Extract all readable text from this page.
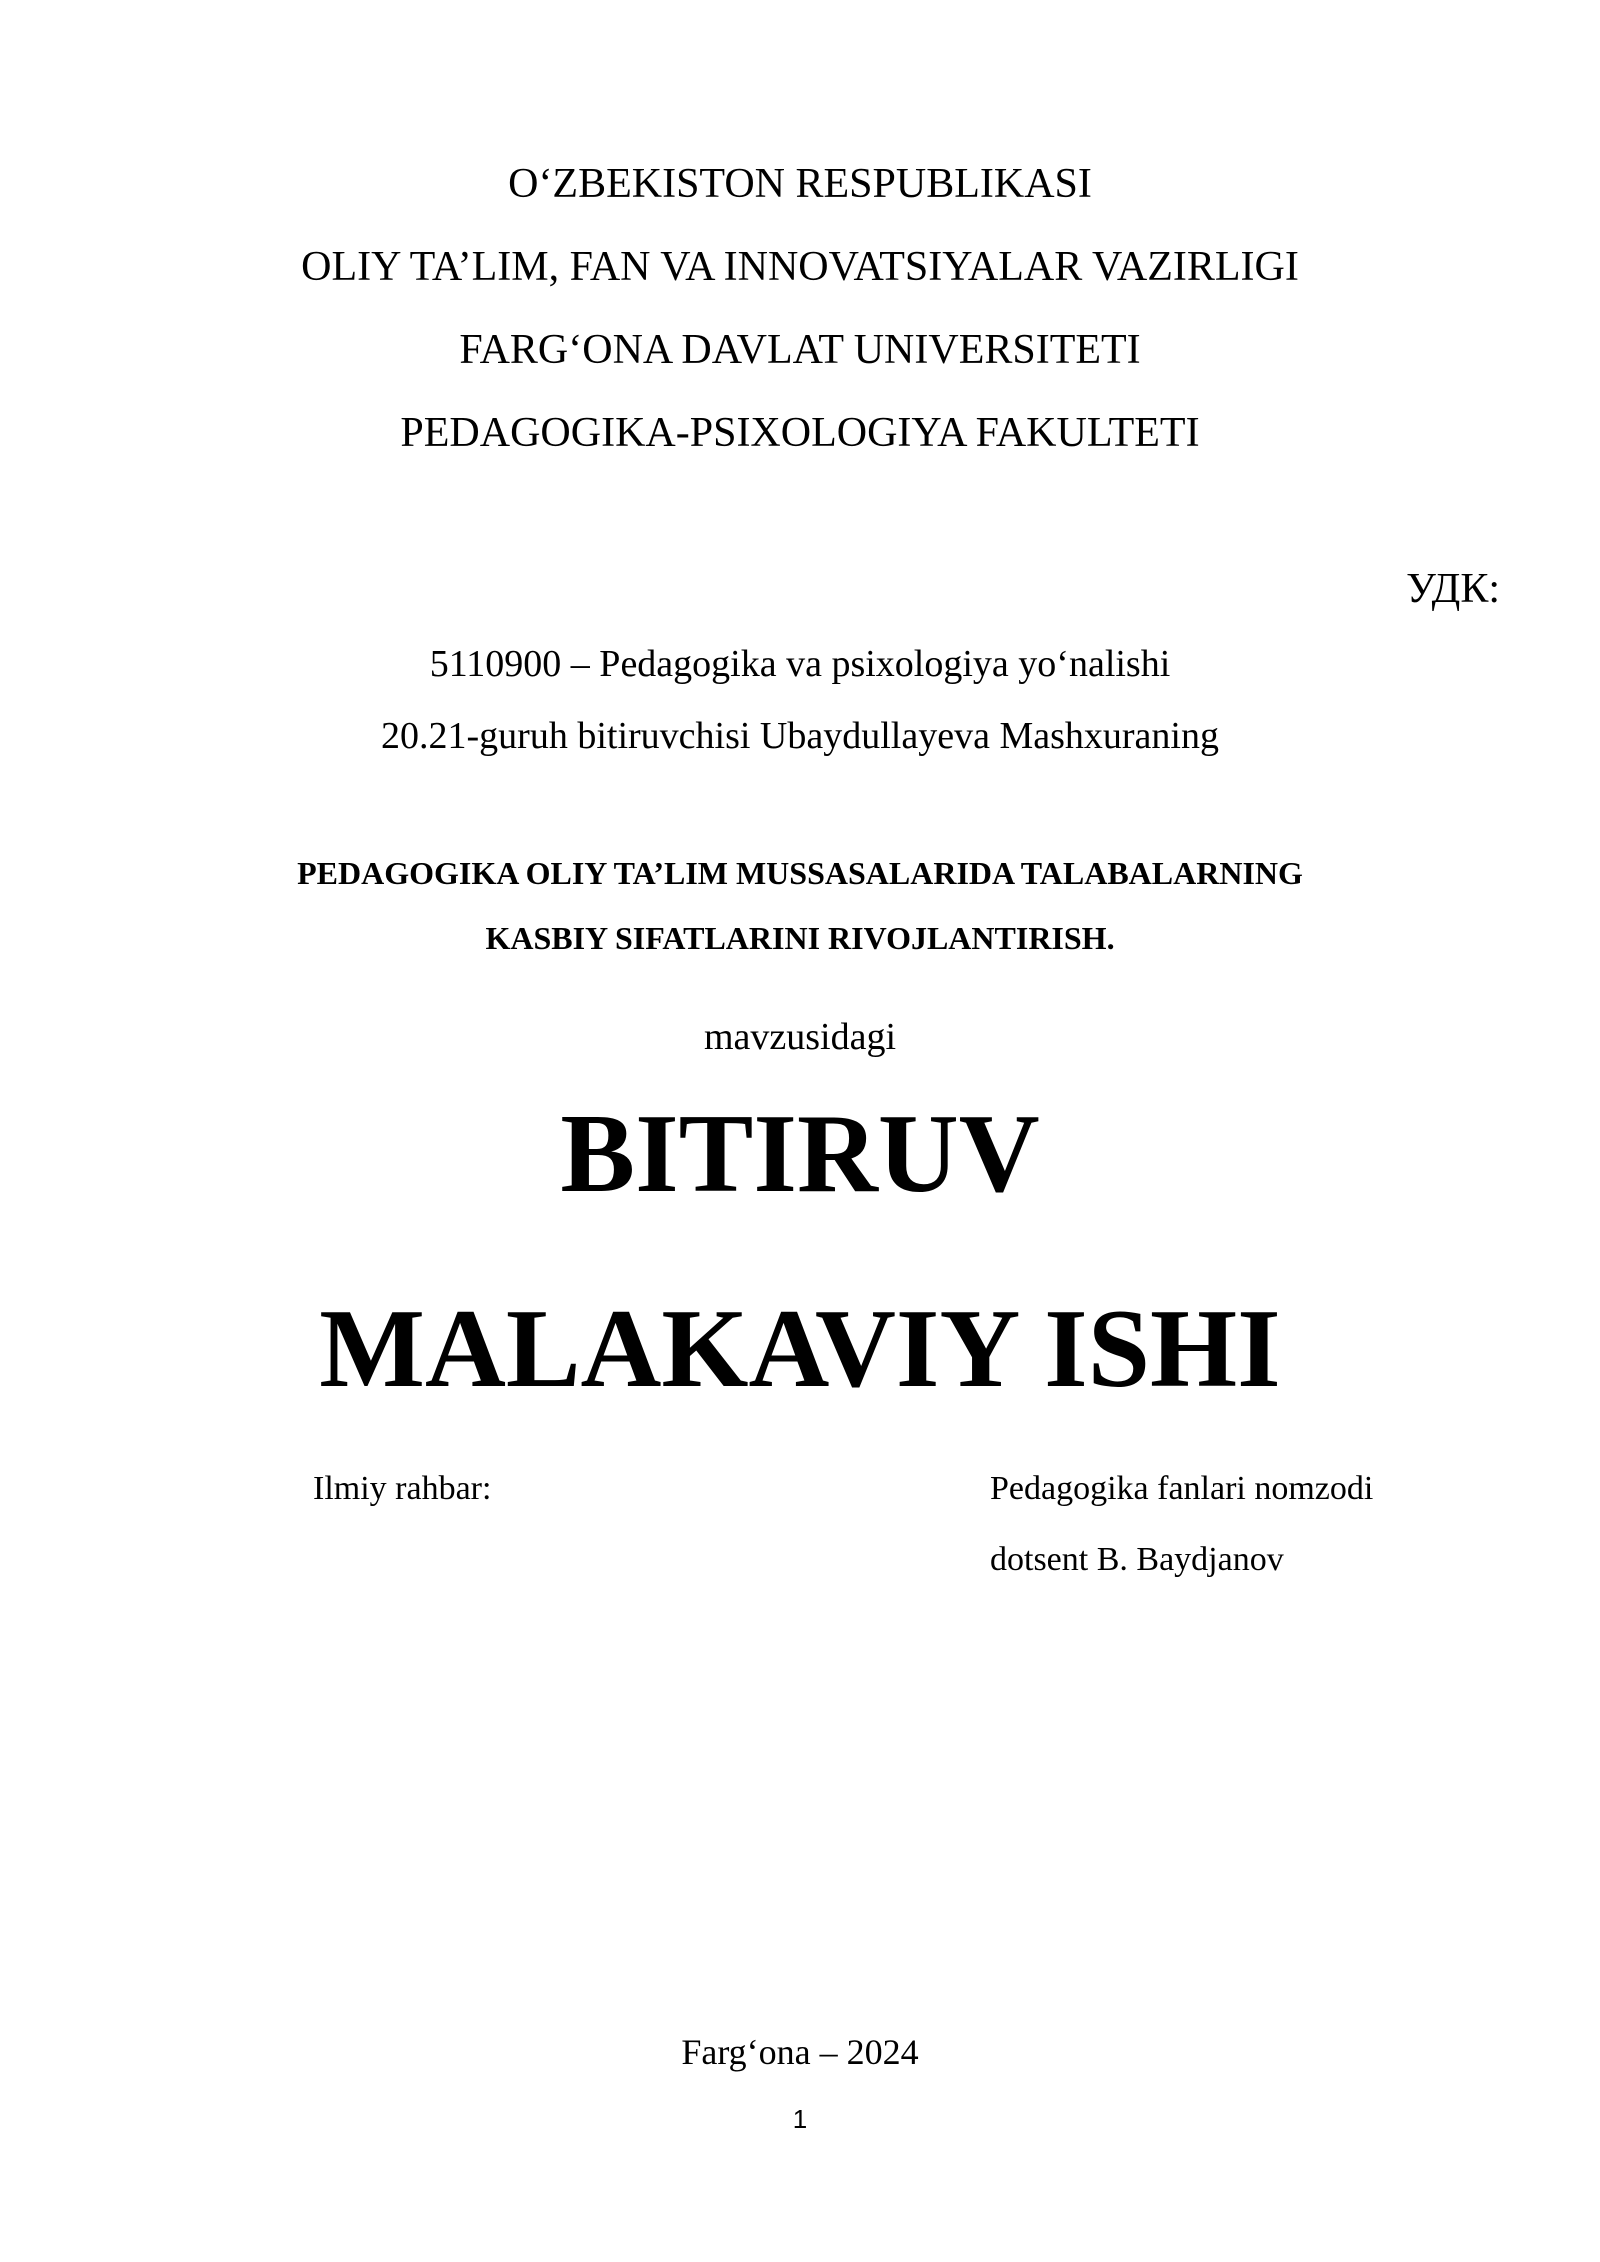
O‘ZBEKISTON RESPUBLIKASI
OLIY TA’LIM, FAN VA INNOVATSIYALAR VAZIRLIGI
FARG‘ONA DAVLAT UNIVERSITETI
PEDAGOGIKA-PSIXOLOGIYA FAKULTETI
УДК:
5110900 – Pedagogika va psixologiya yo‘nalishi
20.21-guruh bitiruvchisi Ubaydullayeva Mashxuraning
PEDAGOGIKA OLIY TA’LIM MUSSASALARIDA TALABALARNING
KASBIY SIFATLARINI RIVOJLANTIRISH.
mavzusidagi
BITIRUV
MALAKAVIY ISHI
Ilmiy rahbar:	Pedagogika fanlari nomzodi
dotsent B. Baydjanov
Farg‘ona – 2024
1
